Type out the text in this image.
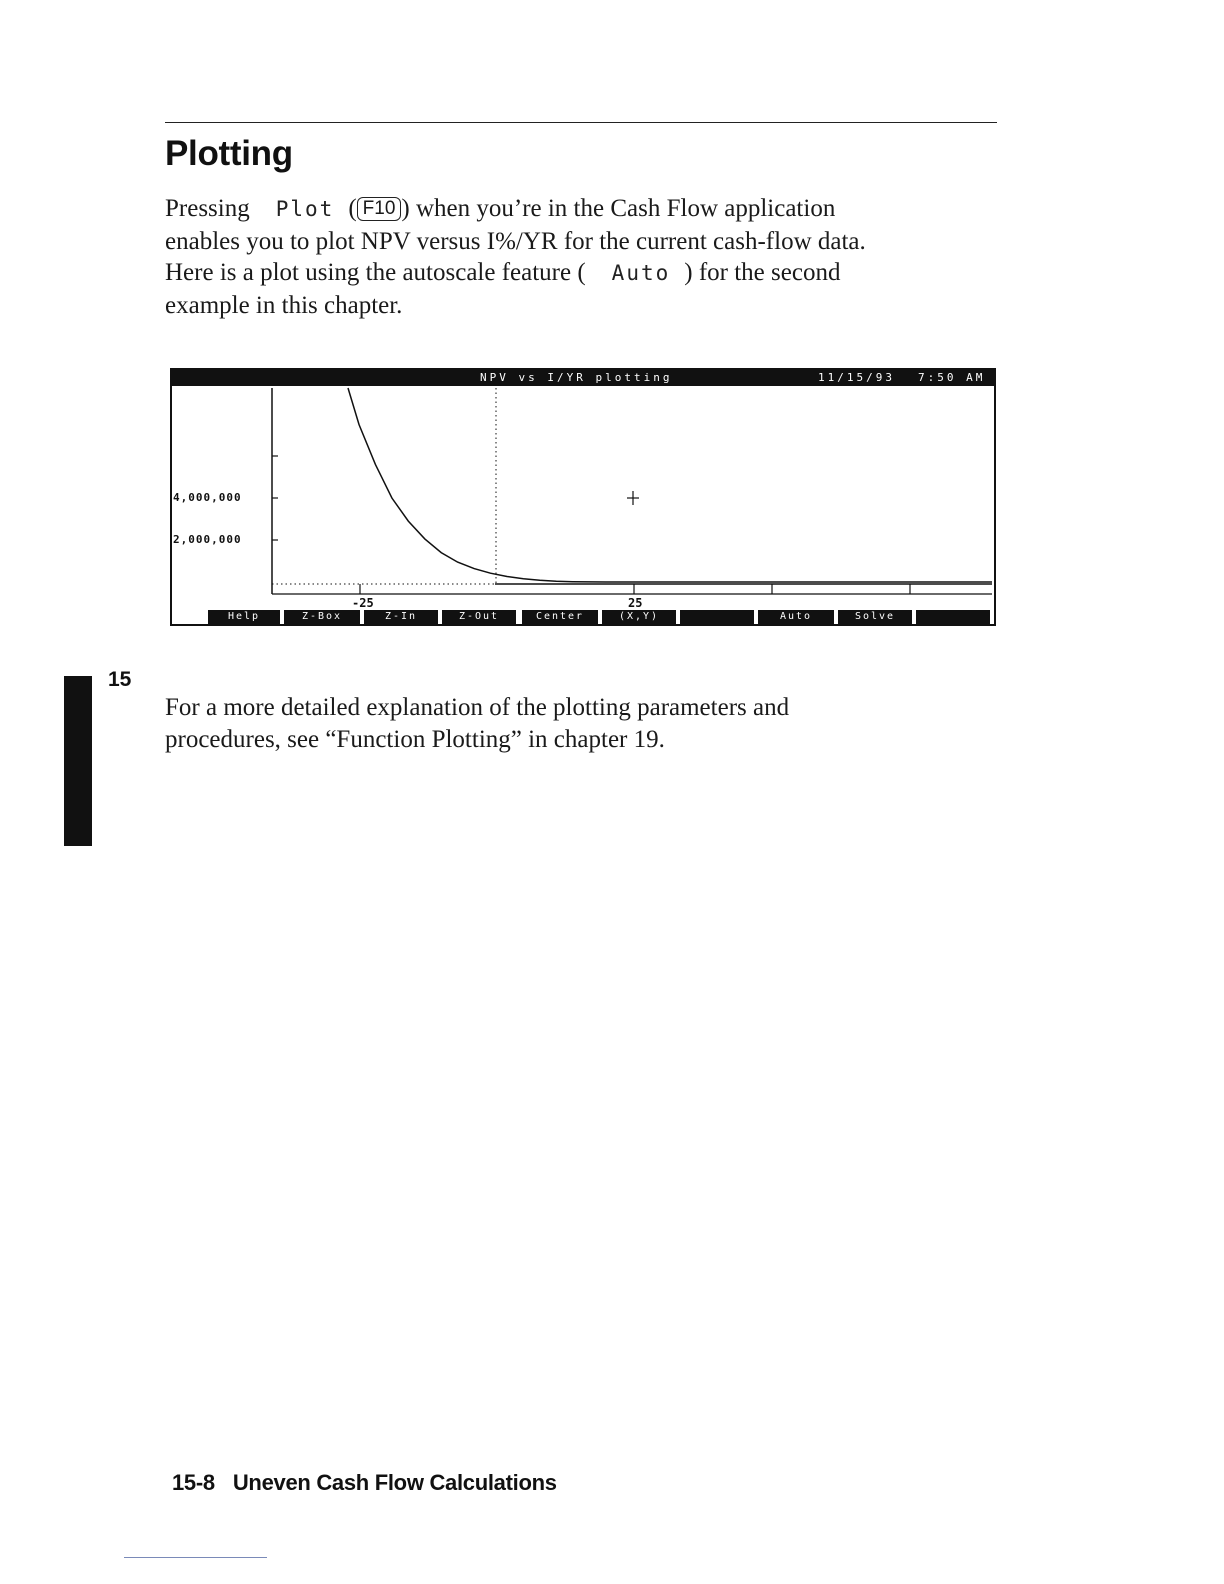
Plotting

Pressing Plot ( F10 ) when you’re in the Cash Flow application
enables you to plot NPV versus I%/YR for the current cash-flow data.
Here is a plot using the autoscale feature ( Auto ) for the second
example in this chapter.

NPV vs I/YR plotting	11/15/93 7:50 AM
4,000,000
2,000,000
-25	25
Help	Z-Box	Z-In	Z-Out	Center	(X,Y)	Auto	Solve
15

For a more detailed explanation of the plotting parameters and
procedures, see “Function Plotting” in chapter 19.

15-8 Uneven Cash Flow Calculations
